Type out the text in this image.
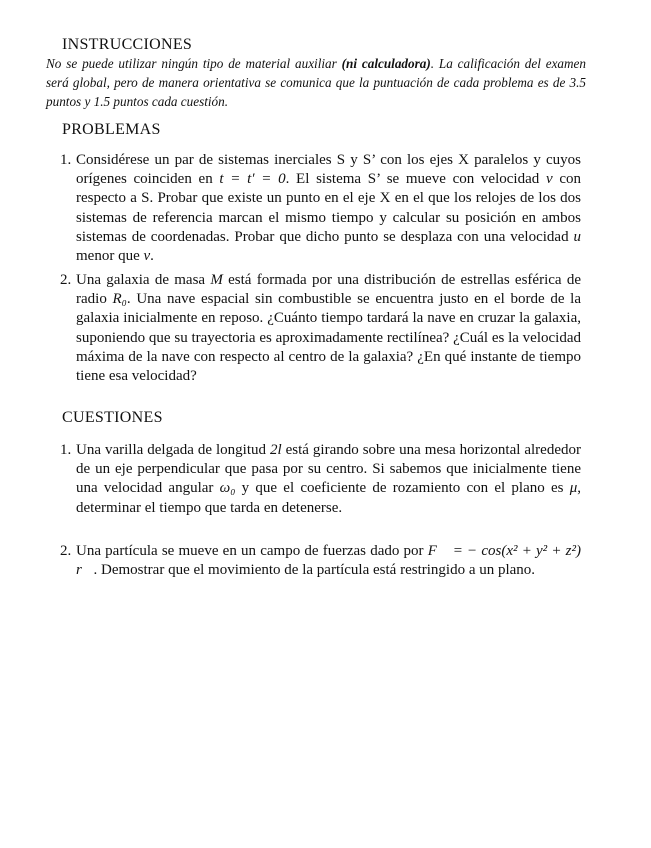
INSTRUCCIONES
No se puede utilizar ningún tipo de material auxiliar (ni calculadora). La calificación del examen será global, pero de manera orientativa se comunica que la puntuación de cada problema es de 3.5 puntos y 1.5 puntos cada cuestión.
PROBLEMAS
1. Considérese un par de sistemas inerciales S y S’ con los ejes X paralelos y cuyos orígenes coinciden en t = t′ = 0. El sistema S’ se mueve con velocidad v con respecto a S. Probar que existe un punto en el eje X en el que los relojes de los dos sistemas de referencia marcan el mismo tiempo y calcular su posición en ambos sistemas de coordenadas. Probar que dicho punto se desplaza con una velocidad u menor que v.
2. Una galaxia de masa M está formada por una distribución de estrellas esférica de radio R₀. Una nave espacial sin combustible se encuentra justo en el borde de la galaxia inicialmente en reposo. ¿Cuánto tiempo tardará la nave en cruzar la galaxia, suponiendo que su trayectoria es aproximadamente rectilínea? ¿Cuál es la velocidad máxima de la nave con respecto al centro de la galaxia? ¿En qué instante de tiempo tiene esa velocidad?
CUESTIONES
1. Una varilla delgada de longitud 2l está girando sobre una mesa horizontal alrededor de un eje perpendicular que pasa por su centro. Si sabemos que inicialmente tiene una velocidad angular ω₀ y que el coeficiente de rozamiento con el plano es μ, determinar el tiempo que tarda en detenerse.
2. Una partícula se mueve en un campo de fuerzas dado por F⃗ = − cos(x² + y² + z²) r⃗. Demostrar que el movimiento de la partícula está restringido a un plano.
